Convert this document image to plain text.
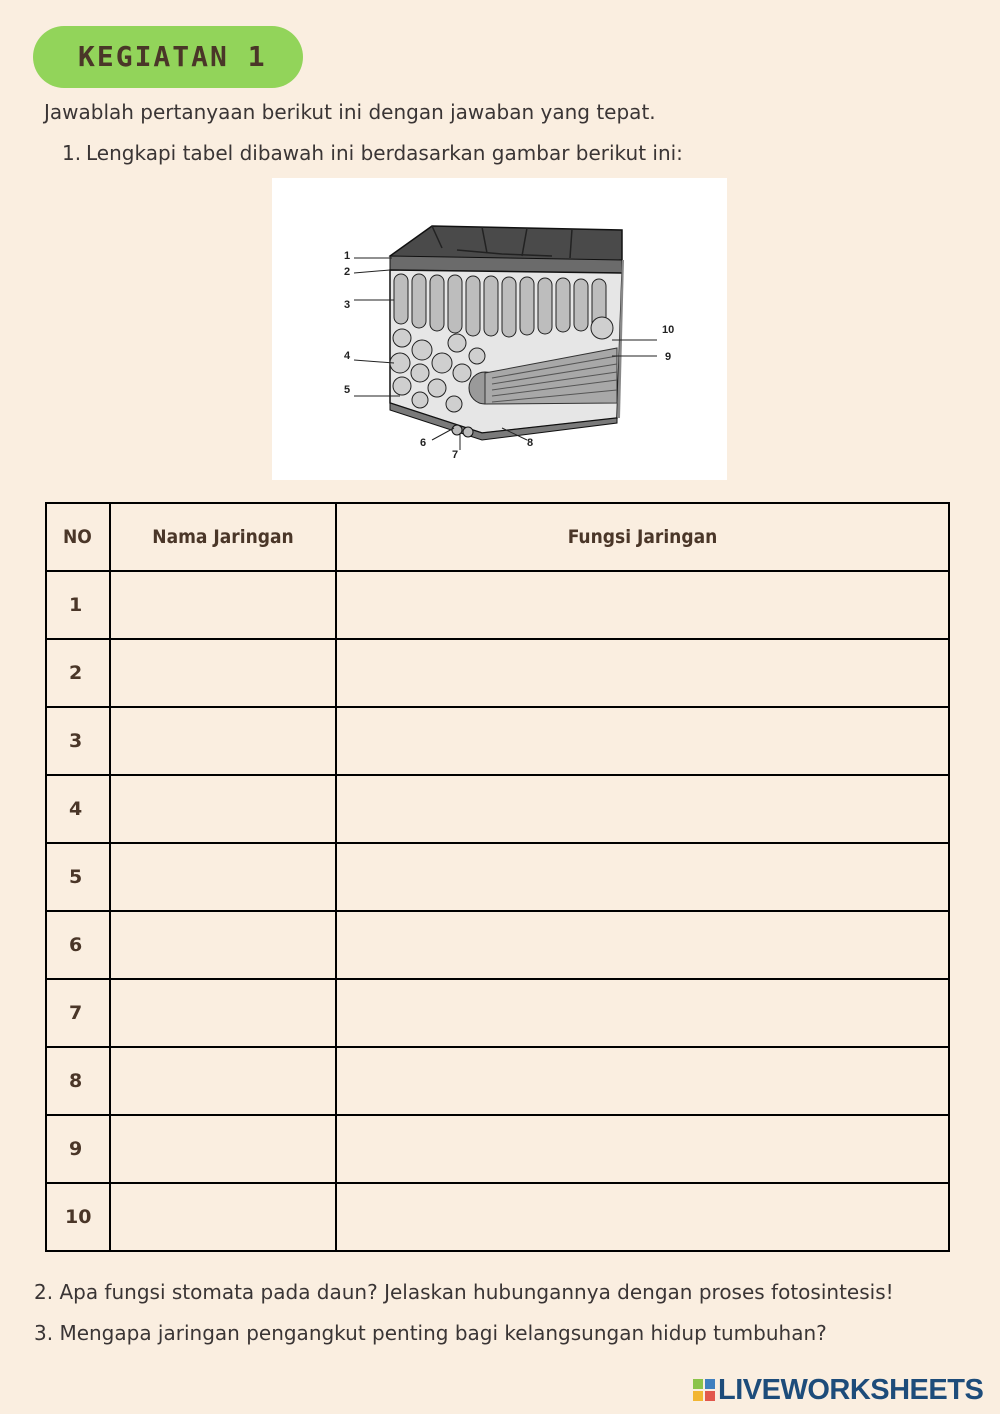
KEGIATAN 1
Jawablah pertanyaan berikut ini dengan jawaban yang tepat.
1. Lengkapi tabel dibawah ini berdasarkan gambar berikut ini:
1
2
3
4
5
6
7
8
9
10
NO	Nama Jaringan	Fungsi Jaringan
1		
2		
3		
4		
5		
6		
7		
8		
9		
10		
2. Apa fungsi stomata pada daun? Jelaskan hubungannya dengan proses fotosintesis!
3. Mengapa jaringan pengangkut penting bagi kelangsungan hidup tumbuhan?
LIVEWORKSHEETS
